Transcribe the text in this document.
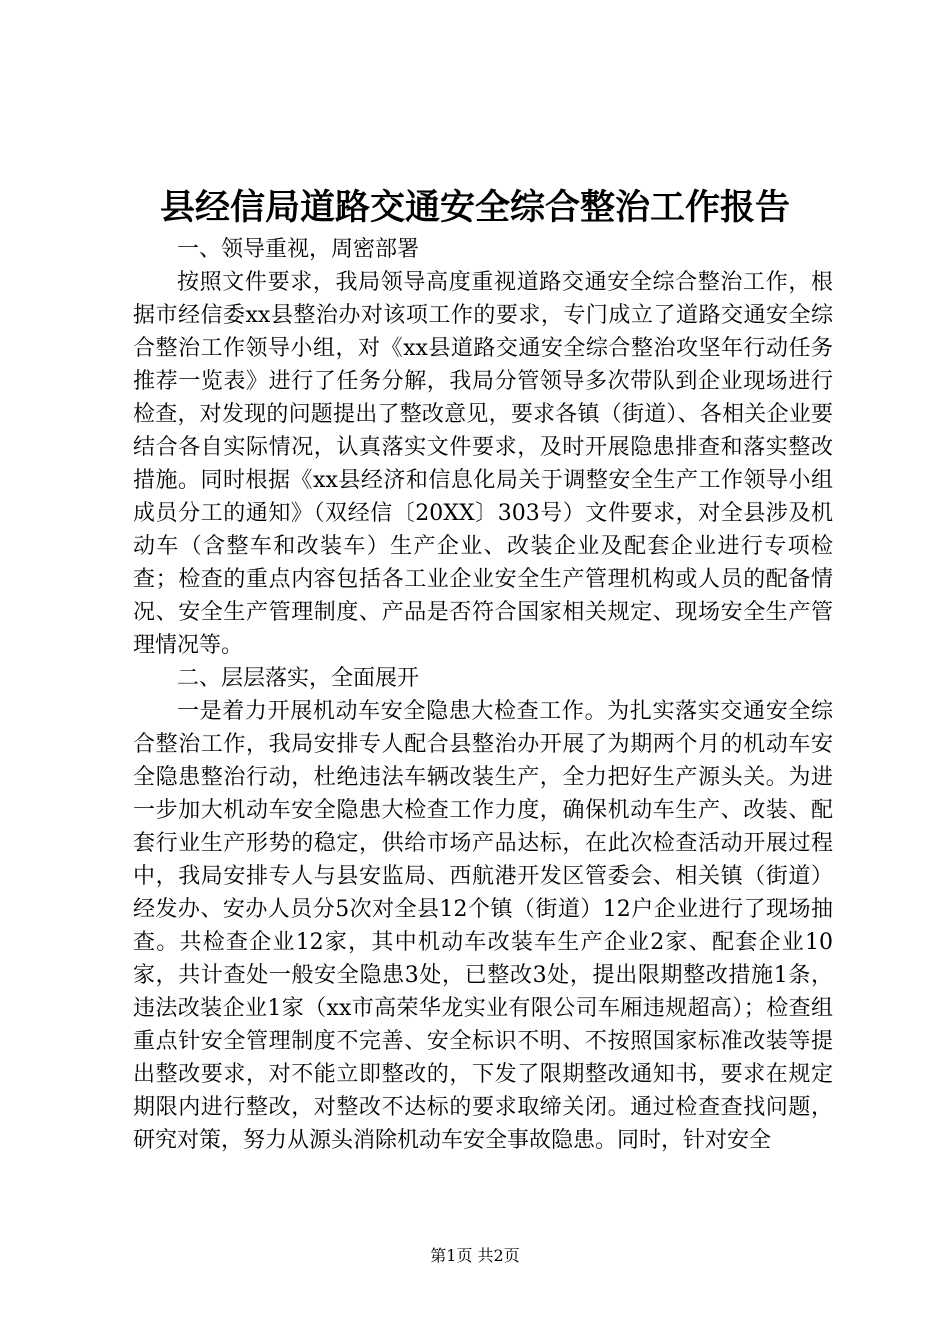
县经信局道路交通安全综合整治工作报告

一、领导重视，周密部署

按照文件要求，我局领导高度重视道路交通安全综合整治工作，根据市经信委xx县整治办对该项工作的要求，专门成立了道路交通安全综合整治工作领导小组，对《xx县道路交通安全综合整治攻坚年行动任务推荐一览表》进行了任务分解，我局分管领导多次带队到企业现场进行检查，对发现的问题提出了整改意见，要求各镇（街道）、各相关企业要结合各自实际情况，认真落实文件要求，及时开展隐患排查和落实整改措施。同时根据《xx县经济和信息化局关于调整安全生产工作领导小组成员分工的通知》（双经信〔20XX〕303号）文件要求，对全县涉及机动车（含整车和改装车）生产企业、改装企业及配套企业进行专项检查；检查的重点内容包括各工业企业安全生产管理机构或人员的配备情况、安全生产管理制度、产品是否符合国家相关规定、现场安全生产管理情况等。

二、层层落实，全面展开

一是着力开展机动车安全隐患大检查工作。为扎实落实交通安全综合整治工作，我局安排专人配合县整治办开展了为期两个月的机动车安全隐患整治行动，杜绝违法车辆改装生产，全力把好生产源头关。为进一步加大机动车安全隐患大检查工作力度，确保机动车生产、改装、配套行业生产形势的稳定，供给市场产品达标，在此次检查活动开展过程中，我局安排专人与县安监局、西航港开发区管委会、相关镇（街道）经发办、安办人员分5次对全县12个镇（街道）12户企业进行了现场抽查。共检查企业12家，其中机动车改装车生产企业2家、配套企业10家，共计查处一般安全隐患3处，已整改3处，提出限期整改措施1条，违法改装企业1家（xx市高荣华龙实业有限公司车厢违规超高）；检查组重点针安全管理制度不完善、安全标识不明、不按照国家标准改装等提出整改要求，对不能立即整改的，下发了限期整改通知书，要求在规定期限内进行整改，对整改不达标的要求取缔关闭。通过检查查找问题，研究对策，努力从源头消除机动车安全事故隐患。同时，针对安全

第1页 共2页
